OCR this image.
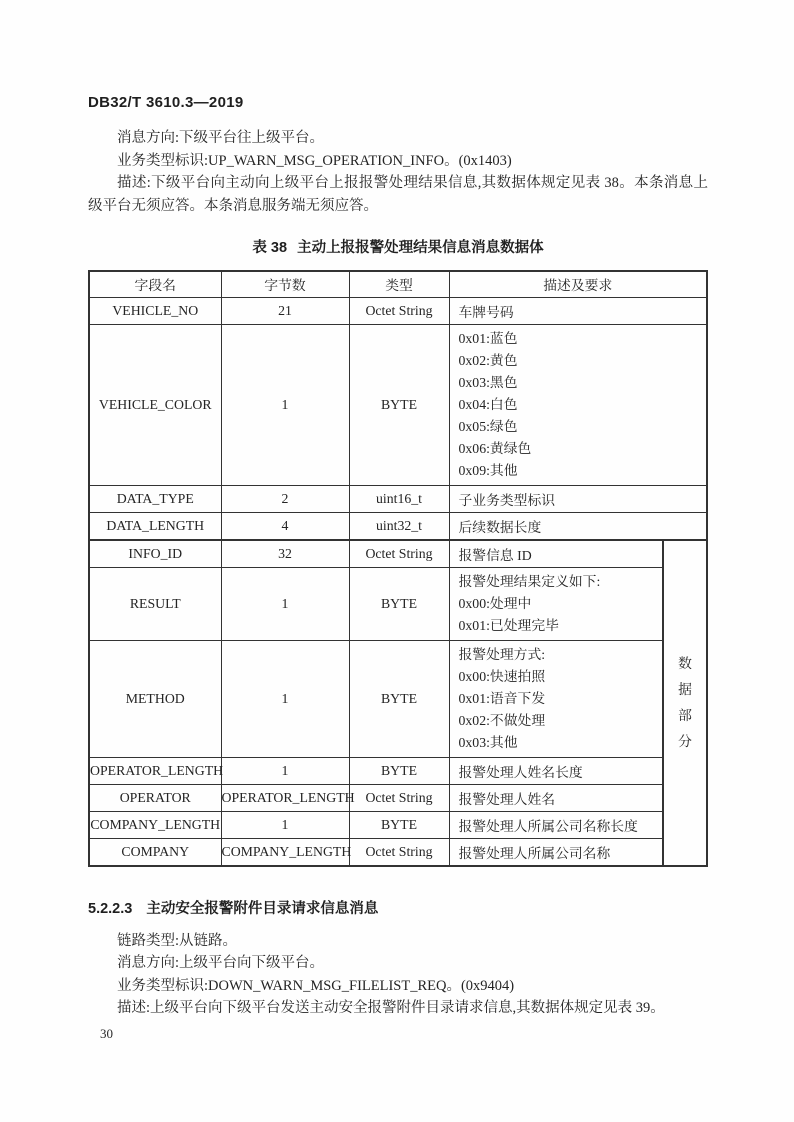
DB32/T 3610.3—2019
消息方向:下级平台往上级平台。
业务类型标识:UP_WARN_MSG_OPERATION_INFO。(0x1403)
描述:下级平台向主动向上级平台上报报警处理结果信息,其数据体规定见表 38。本条消息上级平台无须应答。本条消息服务端无须应答。
表 38 主动上报报警处理结果信息消息数据体
字段名	字节数	类型	描述及要求	
VEHICLE_NO	21	Octet String	车牌号码	
VEHICLE_COLOR	1	BYTE	
0x01:蓝色
0x02:黄色
0x03:黑色
0x04:白色
0x05:绿色
0x06:黄绿色
0x09:其他

DATA_TYPE	2	uint16_t	子业务类型标识	
DATA_LENGTH	4	uint32_t	后续数据长度	
INFO_ID	32	Octet String	报警信息 ID	数据部分
RESULT	1	BYTE	报警处理结果定义如下:
0x00:处理中
0x01:已处理完毕	

METHOD	1	BYTE	报警处理方式:
0x00:快速拍照
0x01:语音下发
0x02:不做处理
0x03:其他	

OPERATOR_LENGTH	1	BYTE	报警处理人姓名长度	
OPERATOR	OPERATOR_LENGTH	Octet String	报警处理人姓名	
COMPANY_LENGTH	1	BYTE	报警处理人所属公司名称长度	
COMPANY	COMPANY_LENGTH	Octet String	报警处理人所属公司名称	
5.2.2.3 主动安全报警附件目录请求信息消息
链路类型:从链路。
消息方向:上级平台向下级平台。
业务类型标识:DOWN_WARN_MSG_FILELIST_REQ。(0x9404)
描述:上级平台向下级平台发送主动安全报警附件目录请求信息,其数据体规定见表 39。
30
